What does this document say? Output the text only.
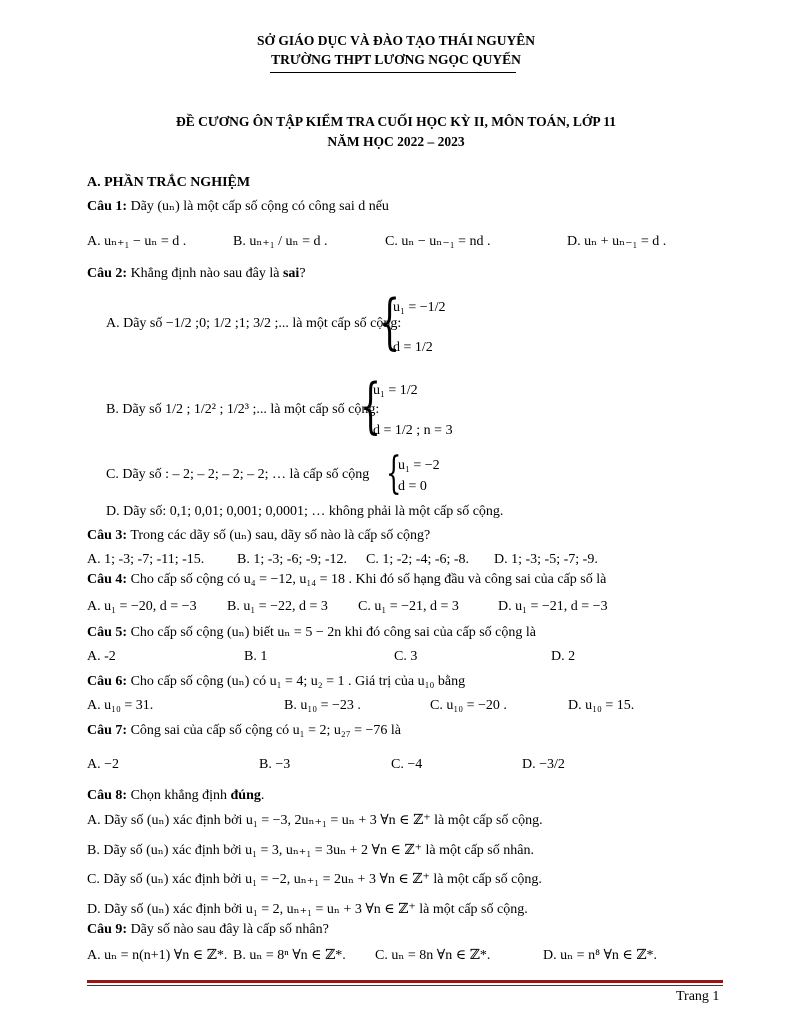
SỞ GIÁO DỤC VÀ ĐÀO TẠO THÁI NGUYÊN
TRƯỜNG THPT LƯƠNG NGỌC QUYẾN
ĐỀ CƯƠNG ÔN TẬP KIỂM TRA CUỐI HỌC KỲ II, MÔN TOÁN, LỚP 11
NĂM HỌC 2022 – 2023
A. PHẦN TRẮC NGHIỆM
Câu 1: Dãy (uₙ) là một cấp số cộng có công sai d nếu
A. uₙ₊₁ − uₙ = d .	B. uₙ₊₁ / uₙ = d .	C. uₙ − uₙ₋₁ = nd .	D. uₙ + uₙ₋₁ = d .
Câu 2: Khẳng định nào sau đây là sai?
A. Dãy số −1/2 ;0; 1/2 ;1; 3/2 ;... là một cấp số cộng:
{
u₁ = −1/2
d = 1/2
B. Dãy số 1/2 ; 1/2² ; 1/2³ ;... là một cấp số cộng:
{
u₁ = 1/2
d = 1/2 ; n = 3
C. Dãy số : – 2; – 2; – 2; – 2; … là cấp số cộng {
u₁ = −2
d = 0
D. Dãy số: 0,1; 0,01; 0,001; 0,0001; … không phải là một cấp số cộng.
Câu 3: Trong các dãy số (uₙ) sau, dãy số nào là cấp số cộng?
A. 1; -3; -7; -11; -15. B. 1; -3; -6; -9; -12. C. 1; -2; -4; -6; -8. D. 1; -3; -5; -7; -9.
Câu 4: Cho cấp số cộng có u₄ = −12, u₁₄ = 18 . Khi đó số hạng đầu và công sai của cấp số là
A. u₁ = −20, d = −3 B. u₁ = −22, d = 3 C. u₁ = −21, d = 3	D. u₁ = −21, d = −3
Câu 5: Cho cấp số cộng (uₙ) biết uₙ = 5 − 2n khi đó công sai của cấp số cộng là
A. -2	B. 1	C. 3	D. 2
Câu 6: Cho cấp số cộng (uₙ) có u₁ = 4; u₂ = 1 . Giá trị của u₁₀ bằng
A. u₁₀ = 31.	B. u₁₀ = −23 .	C. u₁₀ = −20 .	D. u₁₀ = 15.
Câu 7: Công sai của cấp số cộng có u₁ = 2; u₂₇ = −76 là
A. −2	B. −3	C. −4	D. −3/2
Câu 8: Chọn khẳng định đúng.
A. Dãy số (uₙ) xác định bởi u₁ = −3, 2uₙ₊₁ = uₙ + 3 ∀n ∈ ℤ⁺ là một cấp số cộng.
B. Dãy số (uₙ) xác định bởi u₁ = 3, uₙ₊₁ = 3uₙ + 2 ∀n ∈ ℤ⁺ là một cấp số nhân.
C. Dãy số (uₙ) xác định bởi u₁ = −2, uₙ₊₁ = 2uₙ + 3 ∀n ∈ ℤ⁺ là một cấp số cộng.
D. Dãy số (uₙ) xác định bởi u₁ = 2, uₙ₊₁ = uₙ + 3 ∀n ∈ ℤ⁺ là một cấp số cộng.
Câu 9: Dãy số nào sau đây là cấp số nhân?
A. uₙ = n(n+1) ∀n ∈ ℤ*. B. uₙ = 8ⁿ ∀n ∈ ℤ*. C. uₙ = 8n ∀n ∈ ℤ*.	D. uₙ = n⁸ ∀n ∈ ℤ*.
Trang 1
